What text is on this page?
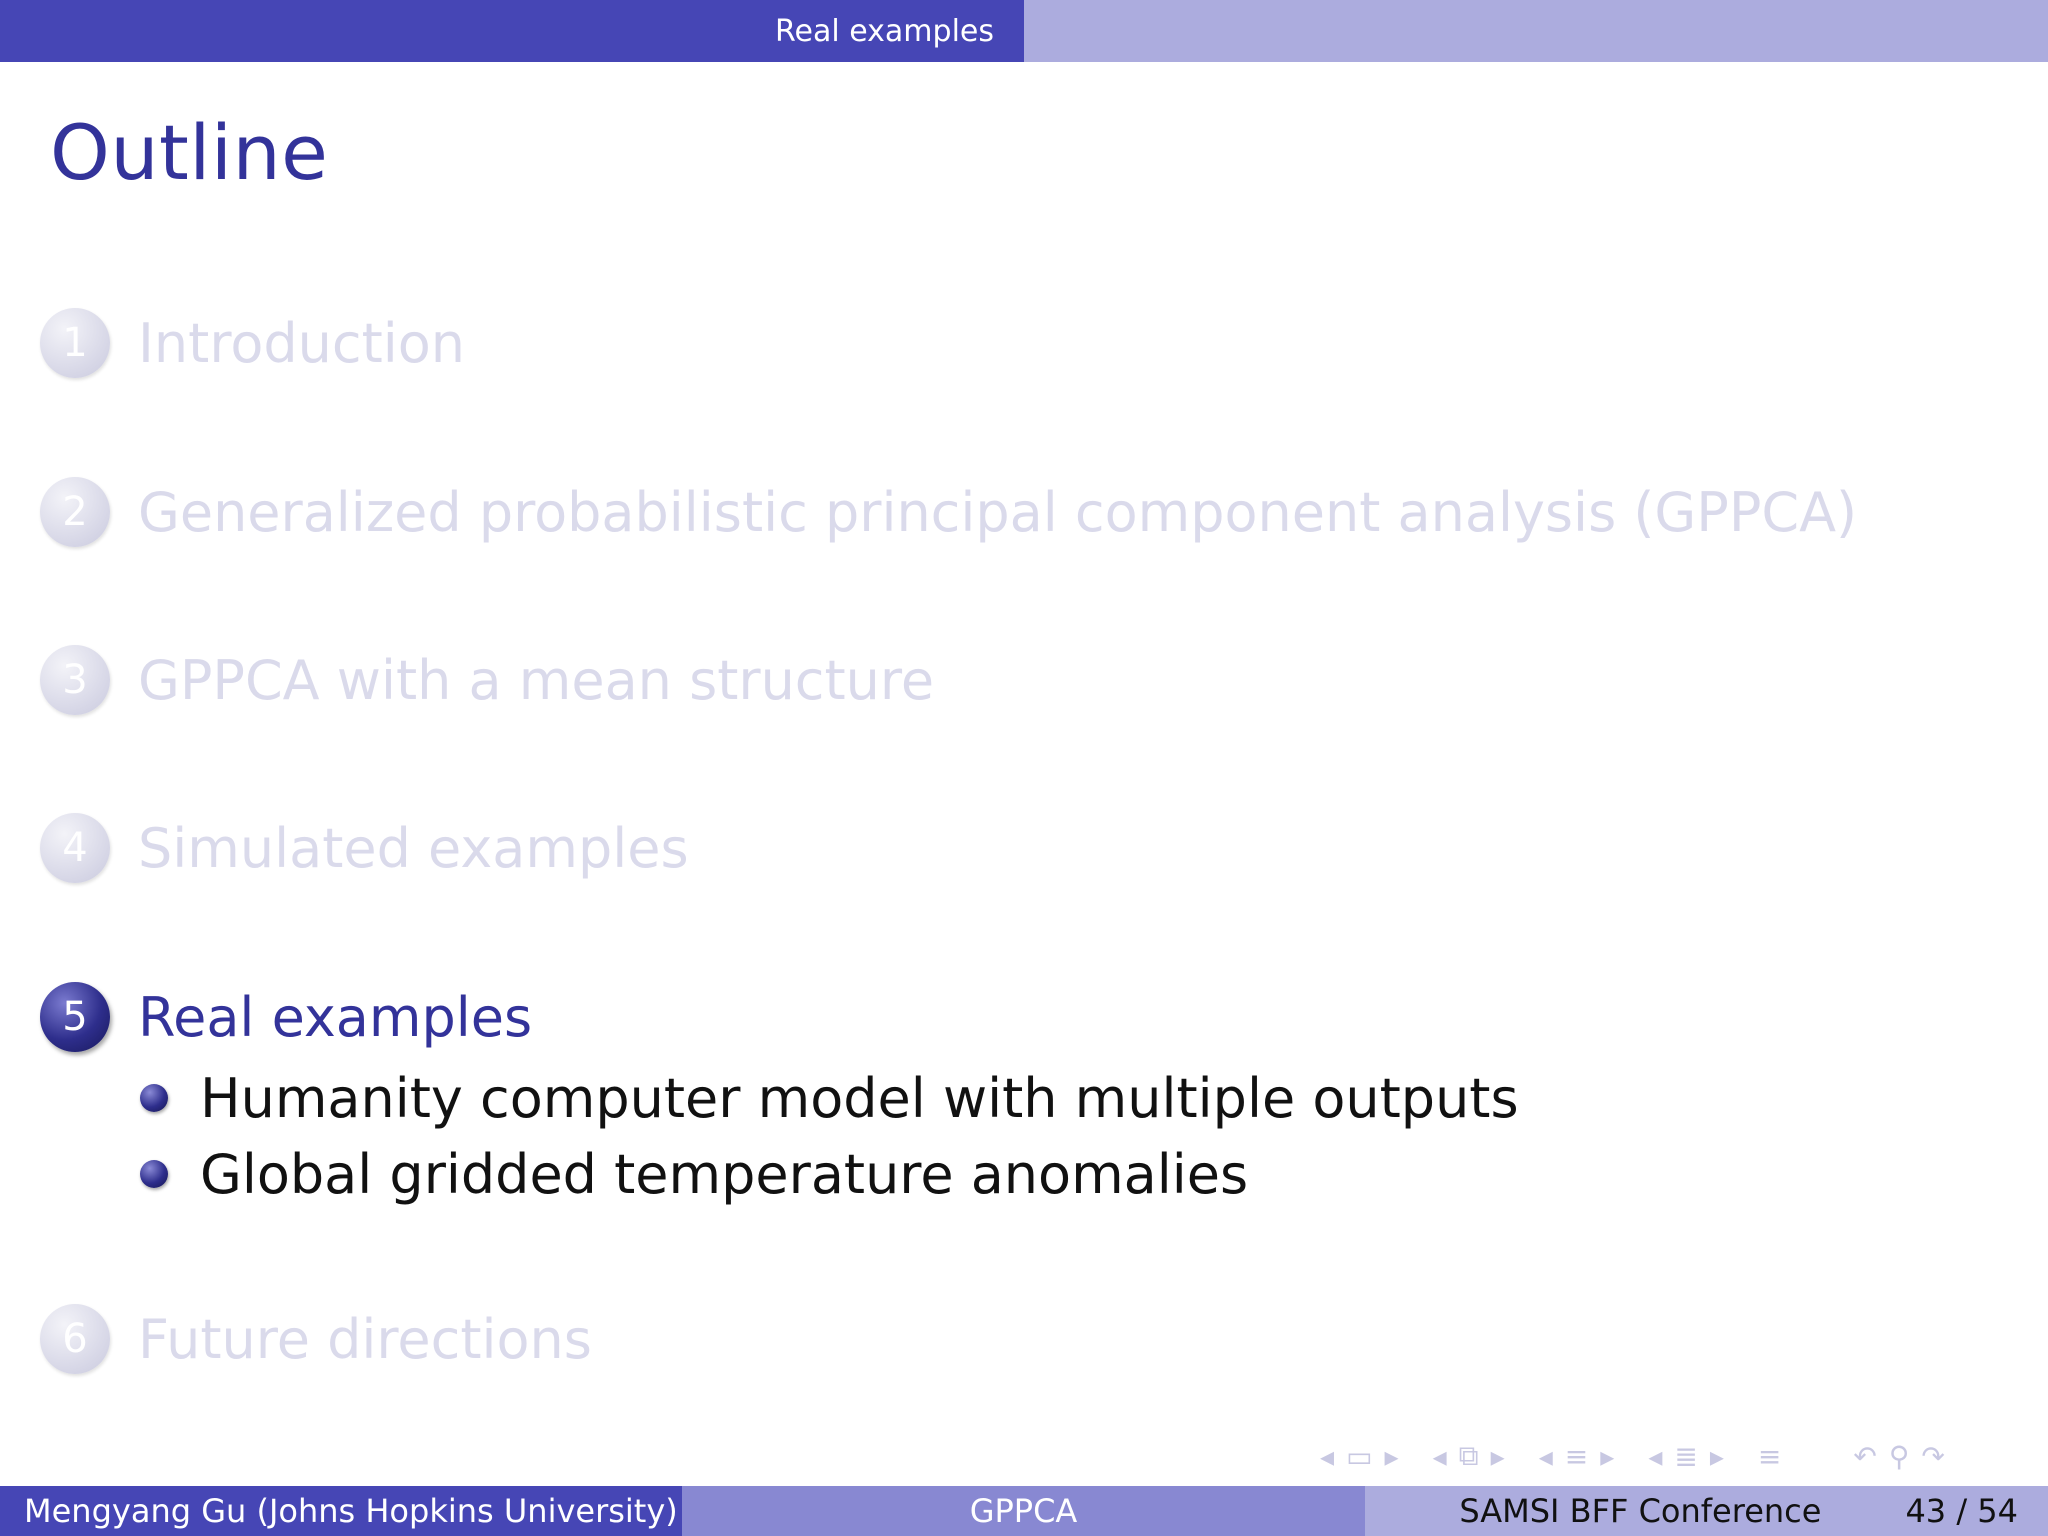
Real examples
Outline
1 Introduction
2 Generalized probabilistic principal component analysis (GPPCA)
3 GPPCA with a mean structure
4 Simulated examples
5 Real examples
Humanity computer model with multiple outputs
Global gridded temperature anomalies
6 Future directions
◂ ▭ ▸ ◂ ⧉ ▸ ◂ ≡ ▸ ◂ ≣ ▸ ≡	↶ ⚲ ↷
Mengyang Gu (Johns Hopkins University)	GPPCA	SAMSI BFF Conference	43 / 54
